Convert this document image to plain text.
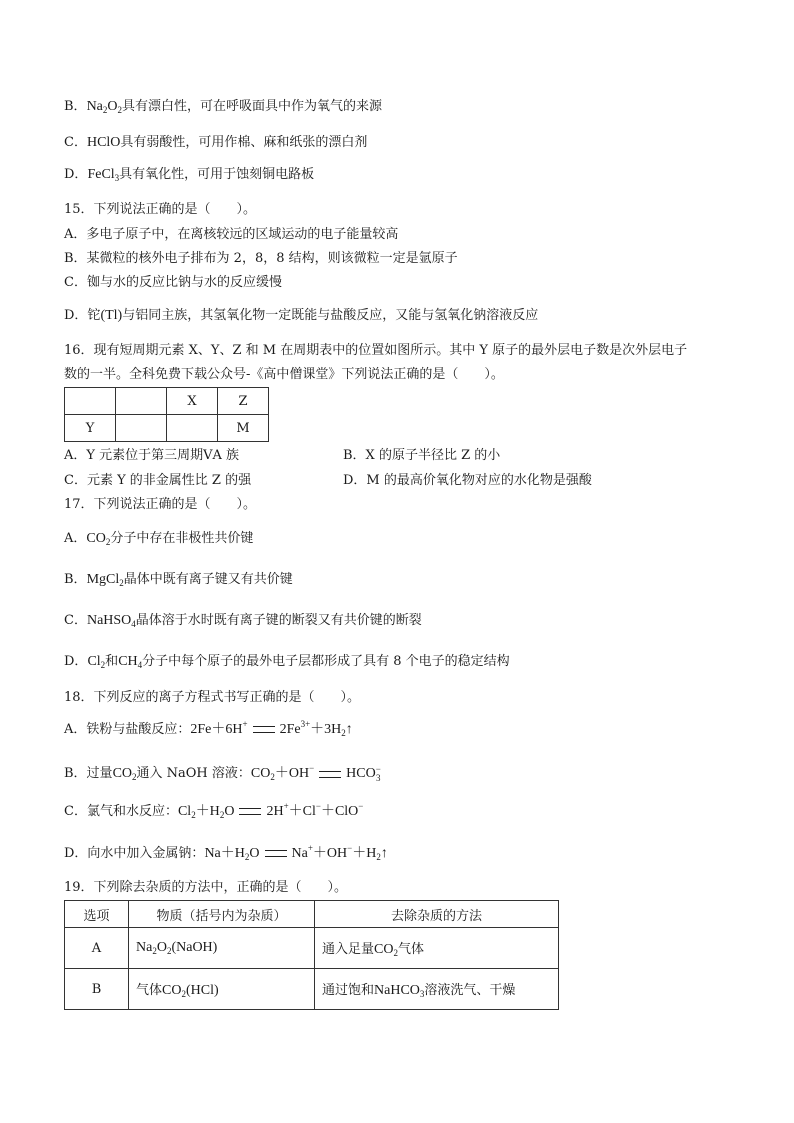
B．$Na_2O_2$具有漂白性，可在呼吸面具中作为氧气的来源
C．HClO具有弱酸性，可用作棉、麻和纸张的漂白剂
D．FeCl$_3$具有氧化性，可用于蚀刻铜电路板
15．下列说法正确的是（　　）。
A．多电子原子中，在离核较远的区域运动的电子能量较高
B．某微粒的核外电子排布为 2，8，8 结构，则该微粒一定是氩原子
C．铷与水的反应比钠与水的反应缓慢
D．铊(Tl)与铝同主族，其氢氧化物一定既能与盐酸反应，又能与氢氧化钠溶液反应
16．现有短周期元素 X、Y、Z 和 M 在周期表中的位置如图所示。其中 Y 原子的最外层电子数是次外层电子
数的一半。全科免费下载公众号-《高中僧课堂》下列说法正确的是（　　）。
		X	Z
Y			M
A．Y 元素位于第三周期ⅤA 族	B．X 的原子半径比 Z 的小
C．元素 Y 的非金属性比 Z 的强	D．M 的最高价氧化物对应的水化物是强酸
17．下列说法正确的是（　　）。
A．$CO_2$分子中存在非极性共价键
B．MgCl$_2$晶体中既有离子键又有共价键
C．NaHSO$_4$晶体溶于水时既有离子键的断裂又有共价键的断裂
D．$Cl_2$和$CH_4$分子中每个原子的最外电子层都形成了具有 8 个电子的稳定结构
18．下列反应的离子方程式书写正确的是（　　）。
A．铁粉与盐酸反应：2Fe＋6H+ $2Fe^{3+}+3H_2↑$
B．过量$CO_2$通入 NaOH 溶液：$CO_2+OH^-$ HCO −
3
C．氯气和水反应：$Cl_2+H_2O$ 2H+＋Cl−＋ClO−
D．向水中加入金属钠：$Na+H_2O$ $Na^++OH^-+H_2↑$
19．下列除去杂质的方法中，正确的是（　　）。
选项	物质（括号内为杂质）	去除杂质的方法
A	$Na_2O_2(NaOH)$	通入足量$CO_2$气体
B	气体$CO_2(HCl)$	通过饱和NaHCO$_3$溶液洗气、干燥
